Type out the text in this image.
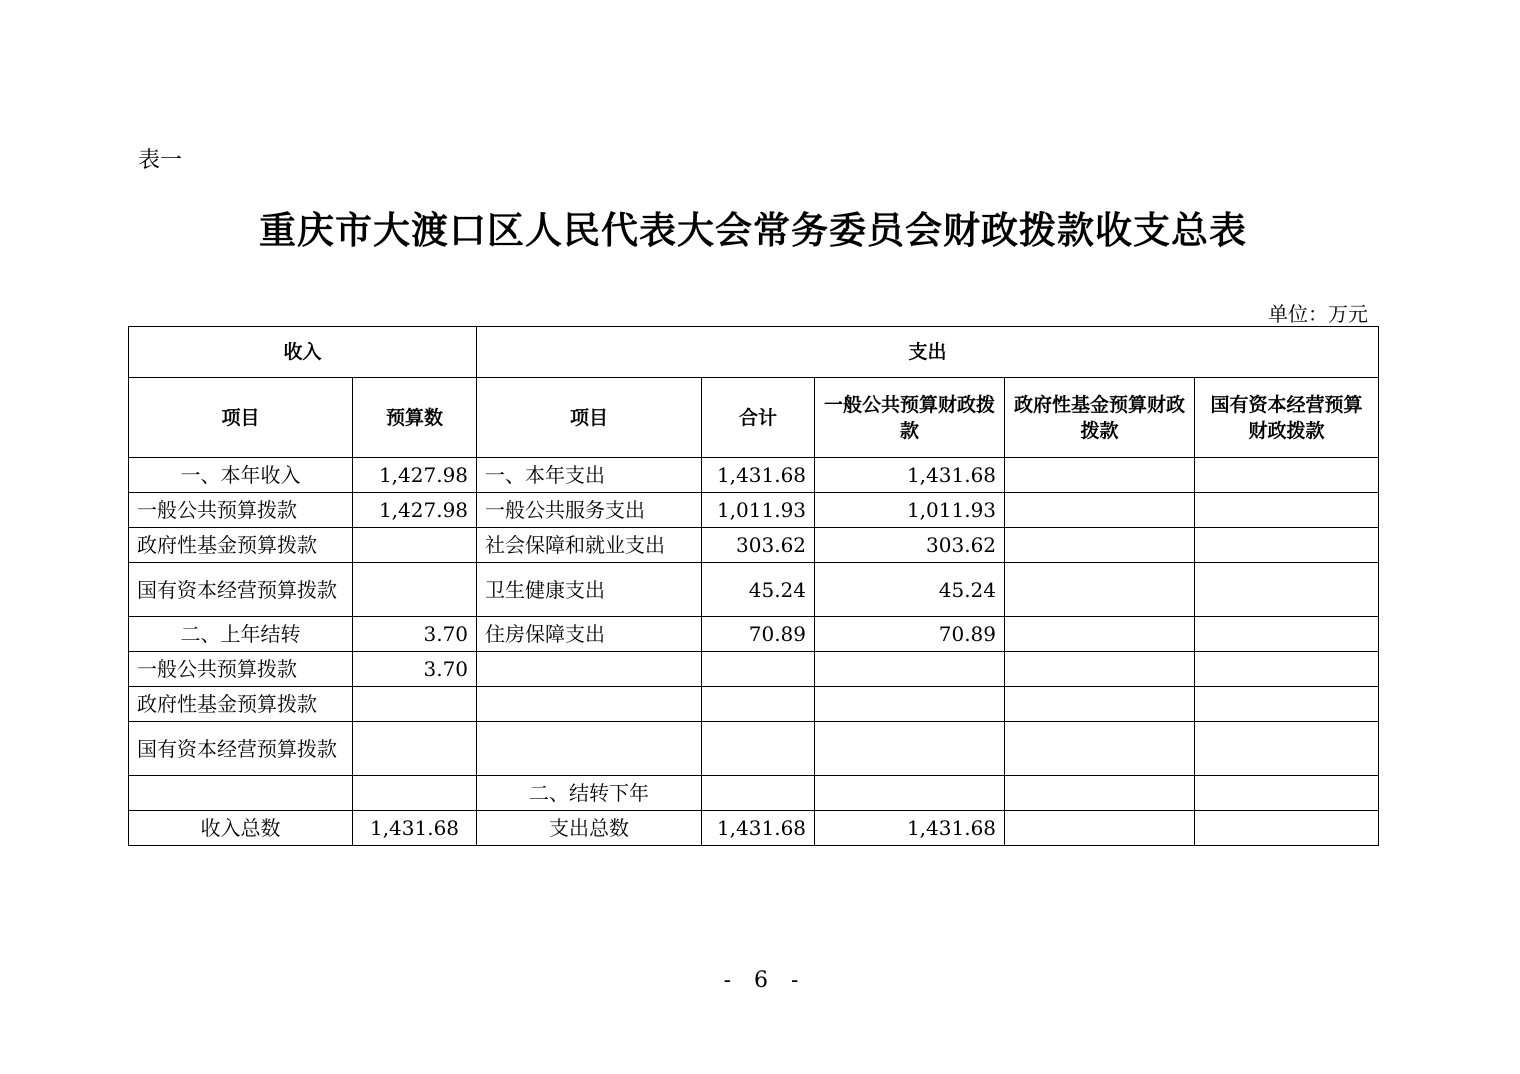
表一
重庆市大渡口区人民代表大会常务委员会财政拨款收支总表
单位：万元
收入		支出				
项目	预算数	项目	合计	一般公共预算财政拨款	政府性基金预算财政拨款	国有资本经营预算财政拨款
一、本年收入	1,427.98	一、本年支出	1,431.68	1,431.68		
一般公共预算拨款	1,427.98	一般公共服务支出	1,011.93	1,011.93		
政府性基金预算拨款		社会保障和就业支出	303.62	303.62		
国有资本经营预算拨款		卫生健康支出	45.24	45.24		
二、上年结转	3.70	住房保障支出	70.89	70.89		
一般公共预算拨款	3.70					
政府性基金预算拨款						
国有资本经营预算拨款						
		二、结转下年				
收入总数	1,431.68	支出总数	1,431.68	1,431.68		
- 6 -
